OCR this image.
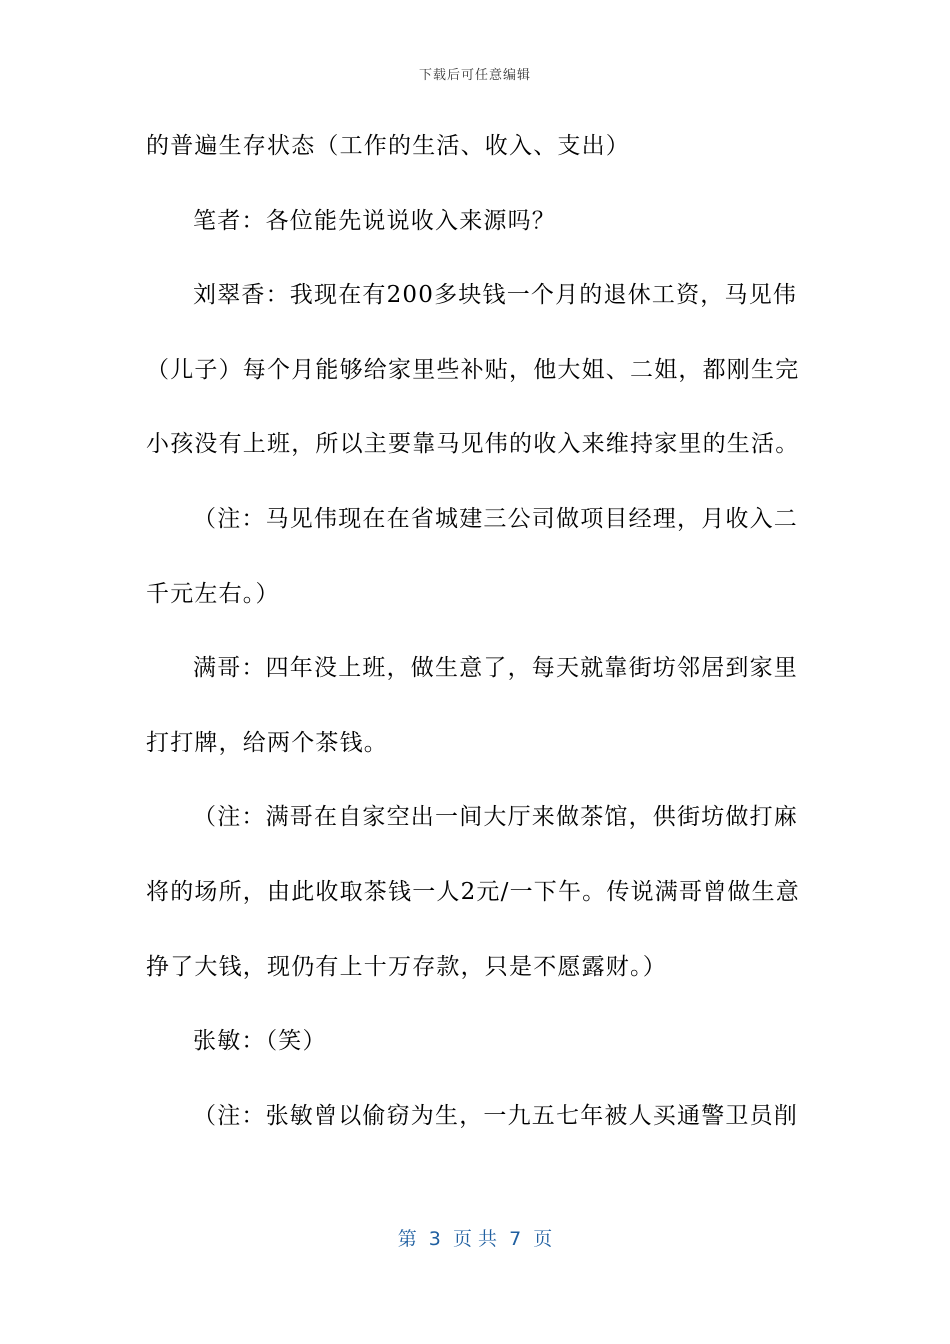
下载后可任意编辑
的普遍生存状态（工作的生活、收入、支出）
笔者：各位能先说说收入来源吗？
刘翠香：我现在有200多块钱一个月的退休工资，马见伟
（儿子）每个月能够给家里些补贴，他大姐、二姐，都刚生完
小孩没有上班，所以主要靠马见伟的收入来维持家里的生活。
（注：马见伟现在在省城建三公司做项目经理，月收入二
千元左右。）
满哥：四年没上班，做生意了，每天就靠街坊邻居到家里
打打牌，给两个茶钱。
（注：满哥在自家空出一间大厅来做茶馆，供街坊做打麻
将的场所，由此收取茶钱一人2元/一下午。传说满哥曾做生意
挣了大钱，现仍有上十万存款，只是不愿露财。）
张敏：（笑）
（注：张敏曾以偷窃为生，一九五七年被人买通警卫员削
第  3  页 共  7  页
